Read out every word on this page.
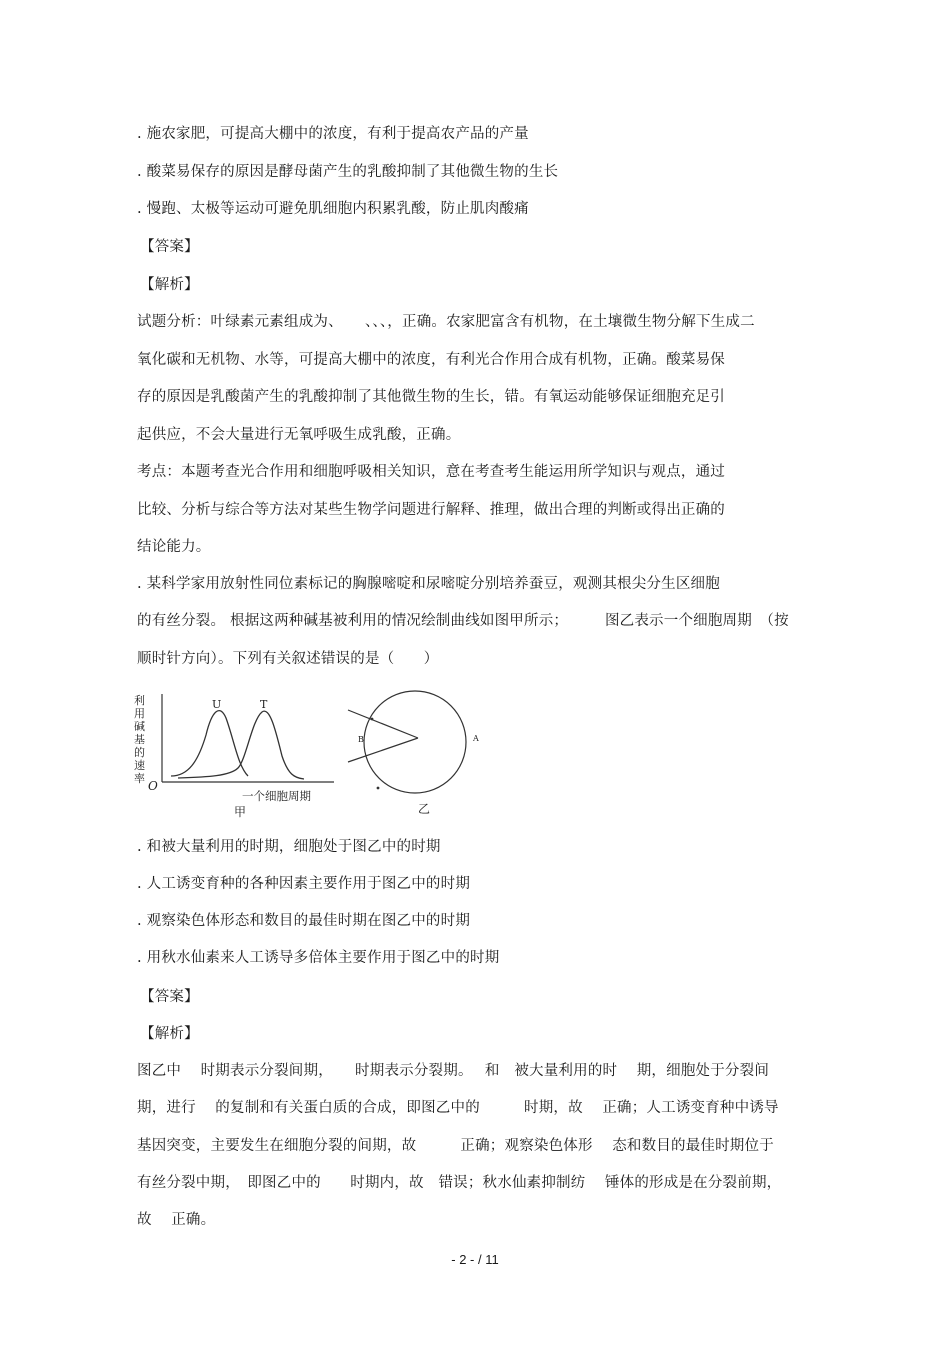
. 施农家肥，可提高大棚中的浓度，有利于提高农产品的产量
. 酸菜易保存的原因是酵母菌产生的乳酸抑制了其他微生物的生长
. 慢跑、太极等运动可避免肌细胞内积累乳酸，防止肌肉酸痛
【答案】
【解析】
试题分析：叶绿素元素组成为、　　、、、，正确。农家肥富含有机物，在土壤微生物分解下生成二
氧化碳和无机物、水等，可提高大棚中的浓度，有利光合作用合成有机物，正确。酸菜易保
存的原因是乳酸菌产生的乳酸抑制了其他微生物的生长，错。有氧运动能够保证细胞充足引
起供应，不会大量进行无氧呼吸生成乳酸，正确。
考点：本题考查光合作用和细胞呼吸相关知识，意在考查考生能运用所学知识与观点，通过
比较、分析与综合等方法对某些生物学问题进行解释、推理，做出合理的判断或得出正确的
结论能力。
. 某科学家用放射性同位素标记的胸腺嘧啶和尿嘧啶分别培养蚕豆，观测其根尖分生区细胞
的有丝分裂。 根据这两种碱基被利用的情况绘制曲线如图甲所示；　　　图乙表示一个细胞周期　（按
顺时针方向）。下列有关叙述错误的是（　　）
利
用
碱
基
的
速
率
U	T
O
一个细胞周期
甲
B	A
乙
. 和被大量利用的时期，细胞处于图乙中的时期
. 人工诱变育种的各种因素主要作用于图乙中的时期
. 观察染色体形态和数目的最佳时期在图乙中的时期
. 用秋水仙素来人工诱导多倍体主要作用于图乙中的时期
【答案】
【解析】
图乙中　 时期表示分裂间期，　　时期表示分裂期。　 和　被大量利用的时　 期，细胞处于分裂间
期，进行　 的复制和有关蛋白质的合成，即图乙中的　　　时期，故　 正确；人工诱变育种中诱导
基因突变，主要发生在细胞分裂的间期，故　　　正确；观察染色体形　 态和数目的最佳时期位于
有丝分裂中期，　即图乙中的　　时期内，故　错误；秋水仙素抑制纺　 锤体的形成是在分裂前期，
故　 正确。
- 2 - / 11
